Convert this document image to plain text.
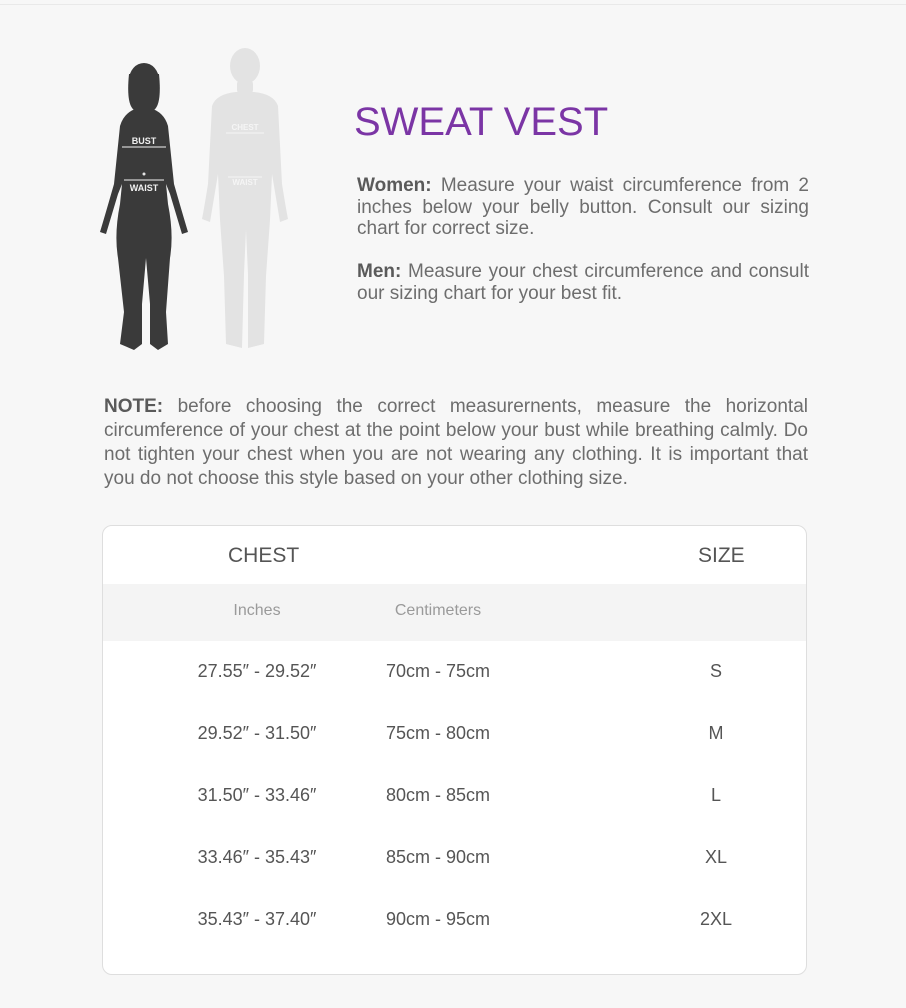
CHEST
WAIST
BUST
WAIST
SWEAT VEST
Women: Measure your waist circumference from 2 inches below your belly button. Consult our sizing chart for correct size.
Men: Measure your chest circumference and consult our sizing chart for your best fit.
NOTE: before choosing the correct measurernents, measure the horizontal circumference of your chest at the point below your bust while breathing calmly. Do not tighten your chest when you are not wearing any clothing. It is important that you do not choose this style based on your other clothing size.
CHEST	SIZE
Inches	Centimeters
27.55″ - 29.52″	70cm - 75cm	S
29.52″ - 31.50″	75cm - 80cm	M
31.50″ - 33.46″	80cm - 85cm	L
33.46″ - 35.43″	85cm - 90cm	XL
35.43″ - 37.40″	90cm - 95cm	2XL
